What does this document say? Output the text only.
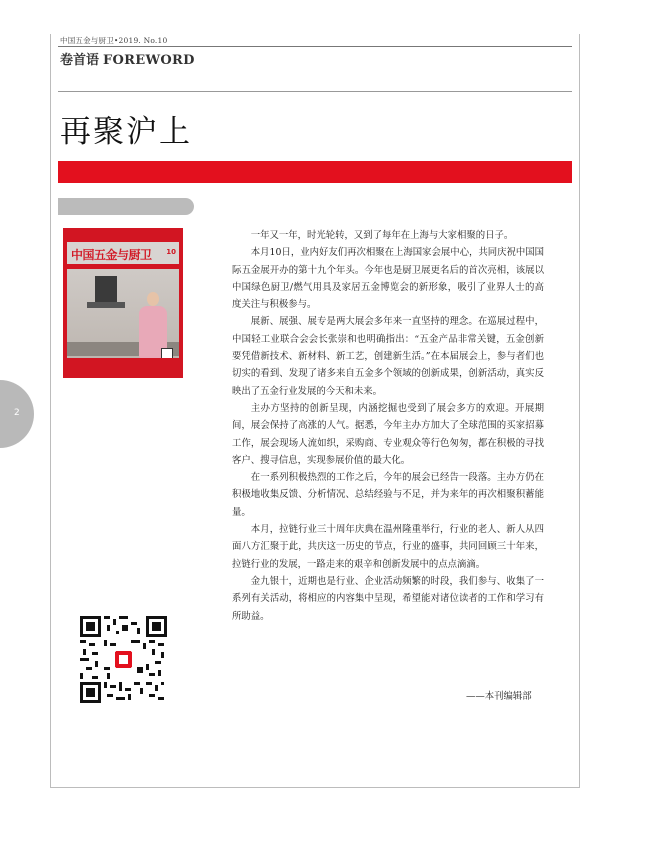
中国五金与厨卫•2019. No.10
卷首语 FOREWORD
再聚沪上
2
中国五金与厨卫 10

一年又一年，时光轮转，又到了每年在上海与大家相聚的日子。

本月10日，业内好友们再次相聚在上海国家会展中心，共同庆祝中国国际五金展开办的第十九个年头。今年也是厨卫展更名后的首次亮相，该展以中国绿色厨卫/燃气用具及家居五金博览会的新形象，吸引了业界人士的高度关注与积极参与。

展新、展强、展专是两大展会多年来一直坚持的理念。在巡展过程中，中国轻工业联合会会长张崇和也明确指出：“五金产品非常关键，五金创新要凭借新技术、新材料、新工艺，创建新生活。”在本届展会上，参与者们也切实的看到、发现了诸多来自五金多个领域的创新成果，创新活动，真实反映出了五金行业发展的今天和未来。

主办方坚持的创新呈现，内涵挖掘也受到了展会多方的欢迎。开展期间，展会保持了高涨的人气。据悉，今年主办方加大了全球范围的买家招募工作，展会现场人流如织，采购商、专业观众等行色匆匆，都在积极的寻找客户、搜寻信息，实现参展价值的最大化。

在一系列积极热烈的工作之后，今年的展会已经告一段落。主办方仍在积极地收集反馈、分析情况、总结经验与不足，并为来年的再次相聚积蓄能量。

本月，拉链行业三十周年庆典在温州隆重举行，行业的老人、新人从四面八方汇聚于此，共庆这一历史的节点，行业的盛事，共同回顾三十年来，拉链行业的发展，一路走来的艰辛和创新发展中的点点滴滴。

金九银十，近期也是行业、企业活动频繁的时段，我们参与、收集了一系列有关活动，将相应的内容集中呈现，希望能对诸位读者的工作和学习有所助益。

——本刊编辑部
